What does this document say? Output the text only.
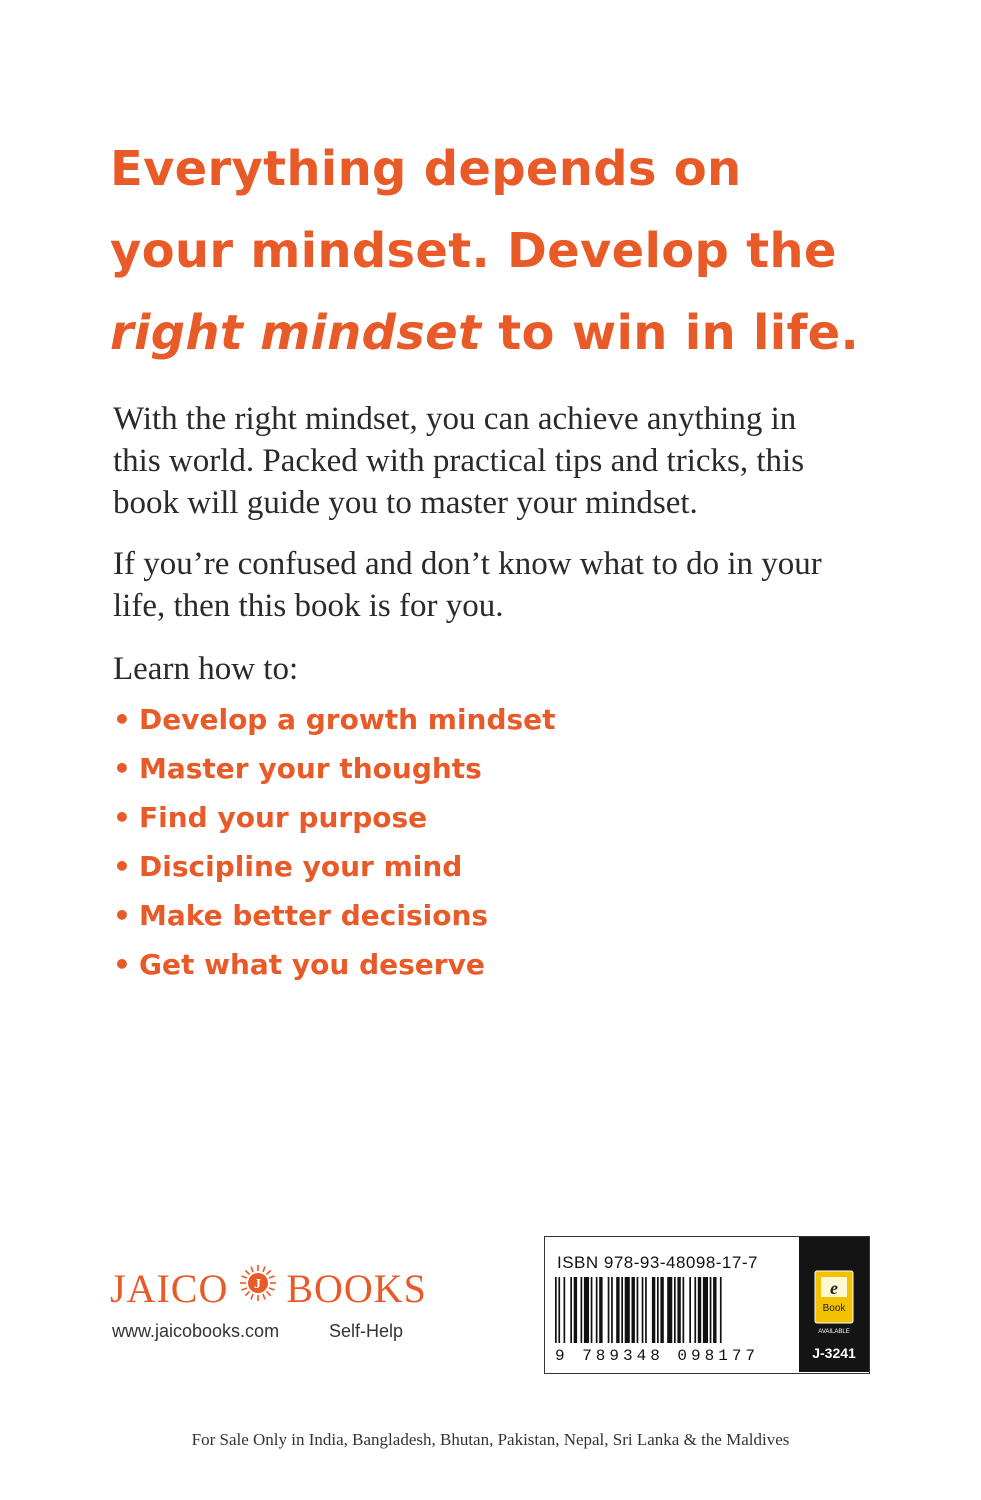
Everything depends on
your mindset. Develop the
right mindset to win in life.

With the right mindset, you can achieve anything in
this world. Packed with practical tips and tricks, this
book will guide you to master your mindset.

If you’re confused and don’t know what to do in your
life, then this book is for you.

Learn how to:

• Develop a growth mindset
• Master your thoughts
• Find your purpose
• Discipline your mind
• Make better decisions
• Get what you deserve
JAICO J BOOKS
www.jaicobooks.com	Self-Help
ISBN 978-93-48098-17-7
9 789348 098177
e
Book
AVAILABLE
J-3241
For Sale Only in India, Bangladesh, Bhutan, Pakistan, Nepal, Sri Lanka & the Maldives
